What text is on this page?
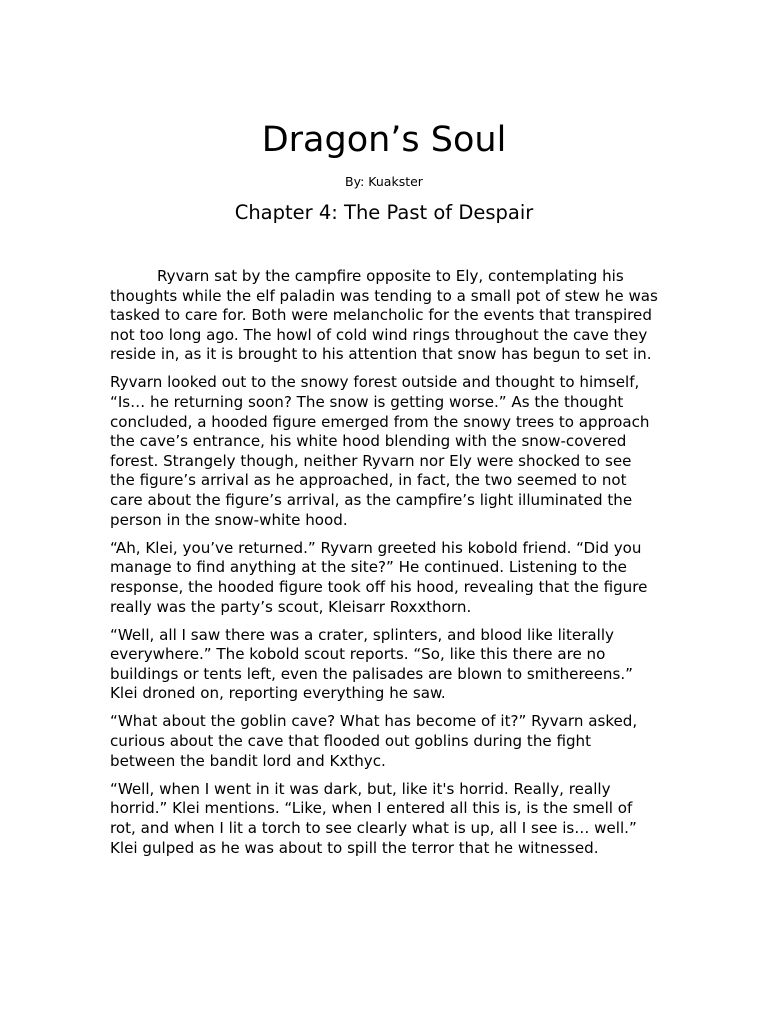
Dragon’s Soul
By: Kuakster
Chapter 4: The Past of Despair

Ryvarn sat by the campfire opposite to Ely, contemplating his thoughts while the elf paladin was tending to a small pot of stew he was tasked to care for. Both were melancholic for the events that transpired not too long ago. The howl of cold wind rings throughout the cave they reside in, as it is brought to his attention that snow has begun to set in.

Ryvarn looked out to the snowy forest outside and thought to himself, “Is… he returning soon? The snow is getting worse.” As the thought concluded, a hooded figure emerged from the snowy trees to approach the cave’s entrance, his white hood blending with the snow-covered forest. Strangely though, neither Ryvarn nor Ely were shocked to see the figure’s arrival as he approached, in fact, the two seemed to not care about the figure’s arrival, as the campfire’s light illuminated the person in the snow-white hood.

“Ah, Klei, you’ve returned.” Ryvarn greeted his kobold friend. “Did you manage to find anything at the site?” He continued. Listening to the response, the hooded figure took off his hood, revealing that the figure really was the party’s scout, Kleisarr Roxxthorn.

“Well, all I saw there was a crater, splinters, and blood like literally everywhere.” The kobold scout reports. “So, like this there are no buildings or tents left, even the palisades are blown to smithereens.” Klei droned on, reporting everything he saw.

“What about the goblin cave? What has become of it?” Ryvarn asked, curious about the cave that flooded out goblins during the fight between the bandit lord and Kxthyc.

“Well, when I went in it was dark, but, like it's horrid. Really, really horrid.” Klei mentions. “Like, when I entered all this is, is the smell of rot, and when I lit a torch to see clearly what is up, all I see is… well.” Klei gulped as he was about to spill the terror that he witnessed.
